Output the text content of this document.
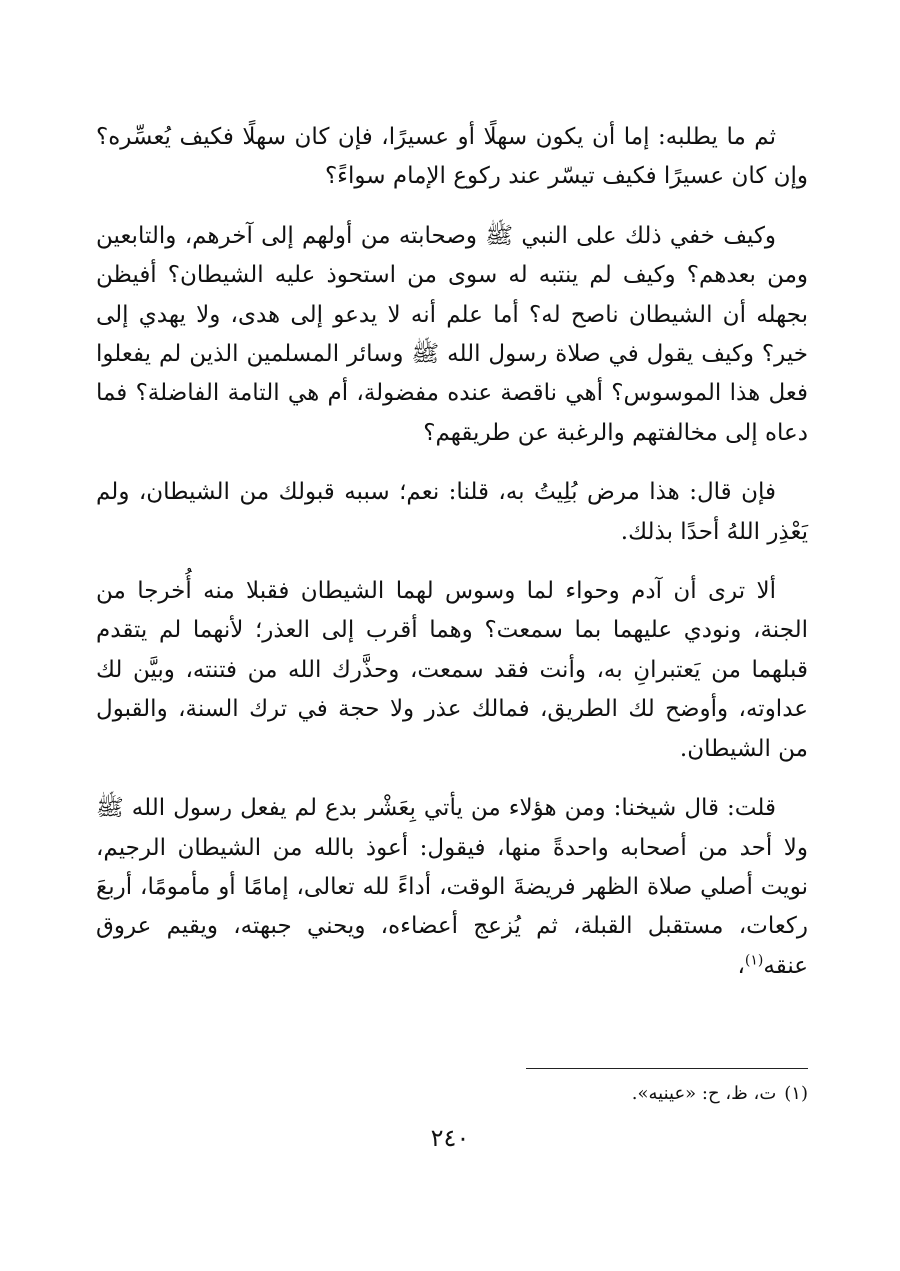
ثم ما يطلبه: إما أن يكون سهلًا أو عسيرًا، فإن كان سهلًا فكيف يُعسِّره؟ وإن كان عسيرًا فكيف تيسّر عند ركوع الإمام سواءً؟

وكيف خفي ذلك على النبي ﷺ وصحابته من أولهم إلى آخرهم، والتابعين ومن بعدهم؟ وكيف لم ينتبه له سوى من استحوذ عليه الشيطان؟ أفيظن بجهله أن الشيطان ناصح له؟ أما علم أنه لا يدعو إلى هدى، ولا يهدي إلى خير؟ وكيف يقول في صلاة رسول الله ﷺ وسائر المسلمين الذين لم يفعلوا فعل هذا الموسوس؟ أهي ناقصة عنده مفضولة، أم هي التامة الفاضلة؟ فما دعاه إلى مخالفتهم والرغبة عن طريقهم؟

فإن قال: هذا مرض بُلِيتُ به، قلنا: نعم؛ سببه قبولك من الشيطان، ولم يَعْذِر اللهُ أحدًا بذلك.

ألا ترى أن آدم وحواء لما وسوس لهما الشيطان فقبلا منه أُخرجا من الجنة، ونودي عليهما بما سمعت؟ وهما أقرب إلى العذر؛ لأنهما لم يتقدم قبلهما من يَعتبرانِ به، وأنت فقد سمعت، وحذَّرك الله من فتنته، وبيَّن لك عداوته، وأوضح لك الطريق، فمالك عذر ولا حجة في ترك السنة، والقبول من الشيطان.

قلت: قال شيخنا: ومن هؤلاء من يأتي بِعَشْر بدع لم يفعل رسول الله ﷺ ولا أحد من أصحابه واحدةً منها، فيقول: أعوذ بالله من الشيطان الرجيم، نويت أصلي صلاة الظهر فريضةَ الوقت، أداءً لله تعالى، إمامًا أو مأمومًا، أربعَ ركعات، مستقبل القبلة، ثم يُزعج أعضاءه، ويحني جبهته، ويقيم عروق عنقه$^{(١)}$،

(١)ت، ظ، ح: «عينيه».

٢٤٠
